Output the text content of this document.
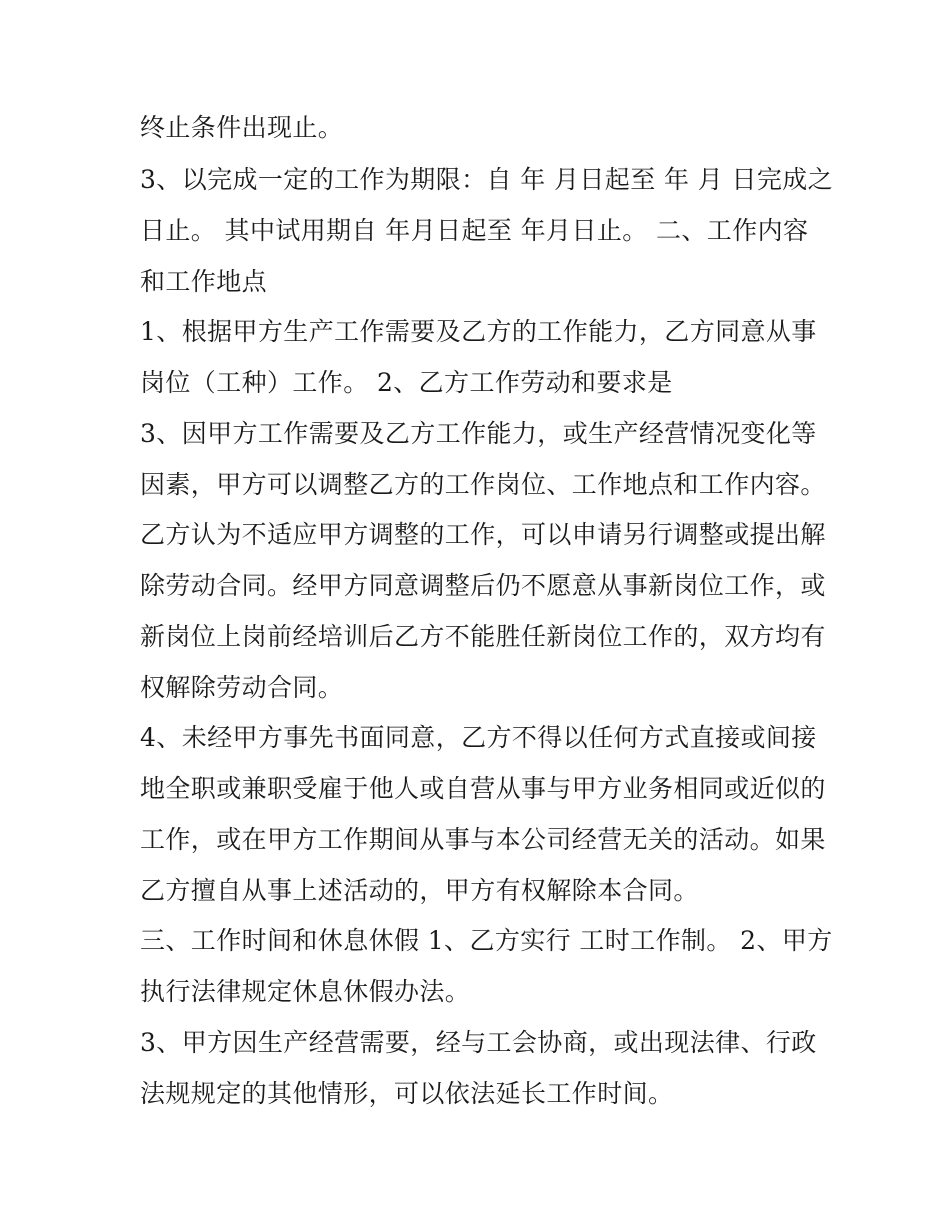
终止条件出现止。
3、以完成一定的工作为期限：自 年 月日起至 年 月 日完成之
日止。 其中试用期自 年月日起至 年月日止。 二、工作内容
和工作地点
1、根据甲方生产工作需要及乙方的工作能力，乙方同意从事
岗位（工种）工作。 2、乙方工作劳动和要求是
3、因甲方工作需要及乙方工作能力，或生产经营情况变化等
因素，甲方可以调整乙方的工作岗位、工作地点和工作内容。
乙方认为不适应甲方调整的工作，可以申请另行调整或提出解
除劳动合同。经甲方同意调整后仍不愿意从事新岗位工作，或
新岗位上岗前经培训后乙方不能胜任新岗位工作的，双方均有
权解除劳动合同。
4、未经甲方事先书面同意，乙方不得以任何方式直接或间接
地全职或兼职受雇于他人或自营从事与甲方业务相同或近似的
工作，或在甲方工作期间从事与本公司经营无关的活动。如果
乙方擅自从事上述活动的，甲方有权解除本合同。
三、工作时间和休息休假 1、乙方实行 工时工作制。 2、甲方
执行法律规定休息休假办法。
3、甲方因生产经营需要，经与工会协商，或出现法律、行政
法规规定的其他情形，可以依法延长工作时间。
